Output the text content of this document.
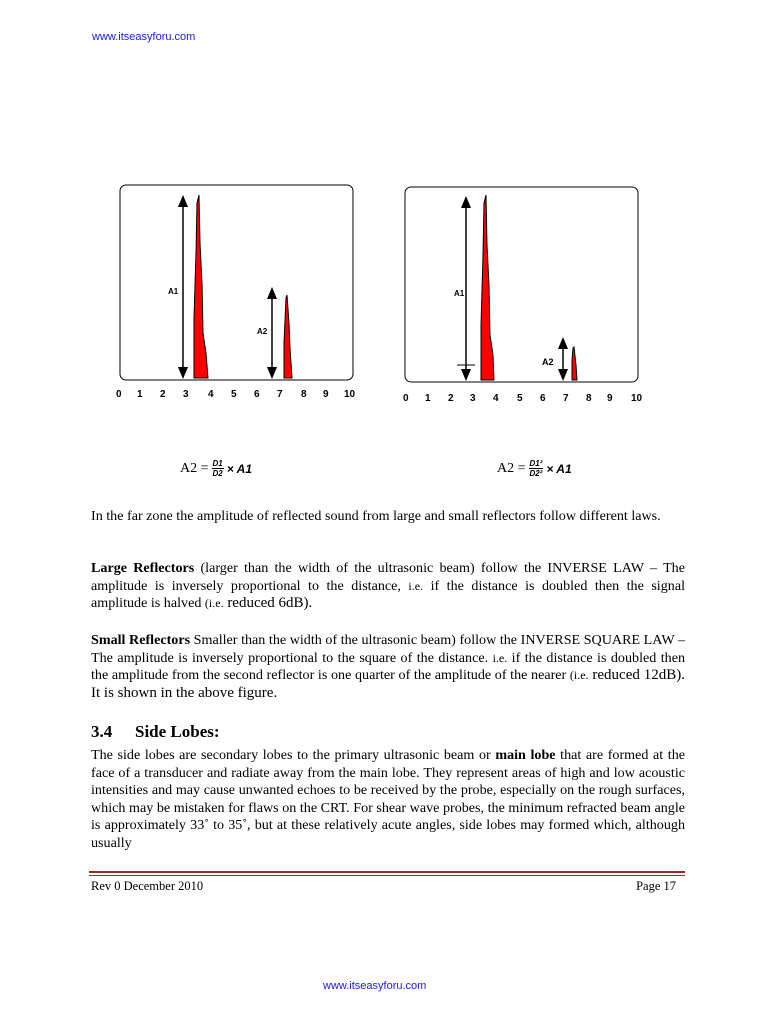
www.itseasyforu.com
A1
A2
0 1 2 3 4 5 6 7 8 9 10
A1
A2
0 1 2 3 4 5 6 7 8 9 10
$A2 = \frac{D1}{D2} \times A1$	$A2 = \frac{\text{D1²}}{\text{D2²}} \times A1$

In the far zone the amplitude of reflected sound from large and small reflectors follow different laws.

Large Reflectors (larger than the width of the ultrasonic beam) follow the INVERSE LAW – The amplitude is inversely proportional to the distance, i.e. if the distance is doubled then the signal amplitude is halved (i.e. reduced 6dB).

Small Reflectors Smaller than the width of the ultrasonic beam) follow the INVERSE SQUARE LAW – The amplitude is inversely proportional to the square of the distance. i.e. if the distance is doubled then the amplitude from the second reflector is one quarter of the amplitude of the nearer (i.e. reduced 12dB). It is shown in the above figure.

3.4 Side Lobes:

The side lobes are secondary lobes to the primary ultrasonic beam or main lobe that are formed at the face of a transducer and radiate away from the main lobe. They represent areas of high and low acoustic intensities and may cause unwanted echoes to be received by the probe, especially on the rough surfaces, which may be mistaken for flaws on the CRT. For shear wave probes, the minimum refracted beam angle is approximately 33˚ to 35˚, but at these relatively acute angles, side lobes may formed which, although usually

Rev 0 December 2010	Page 17
www.itseasyforu.com
